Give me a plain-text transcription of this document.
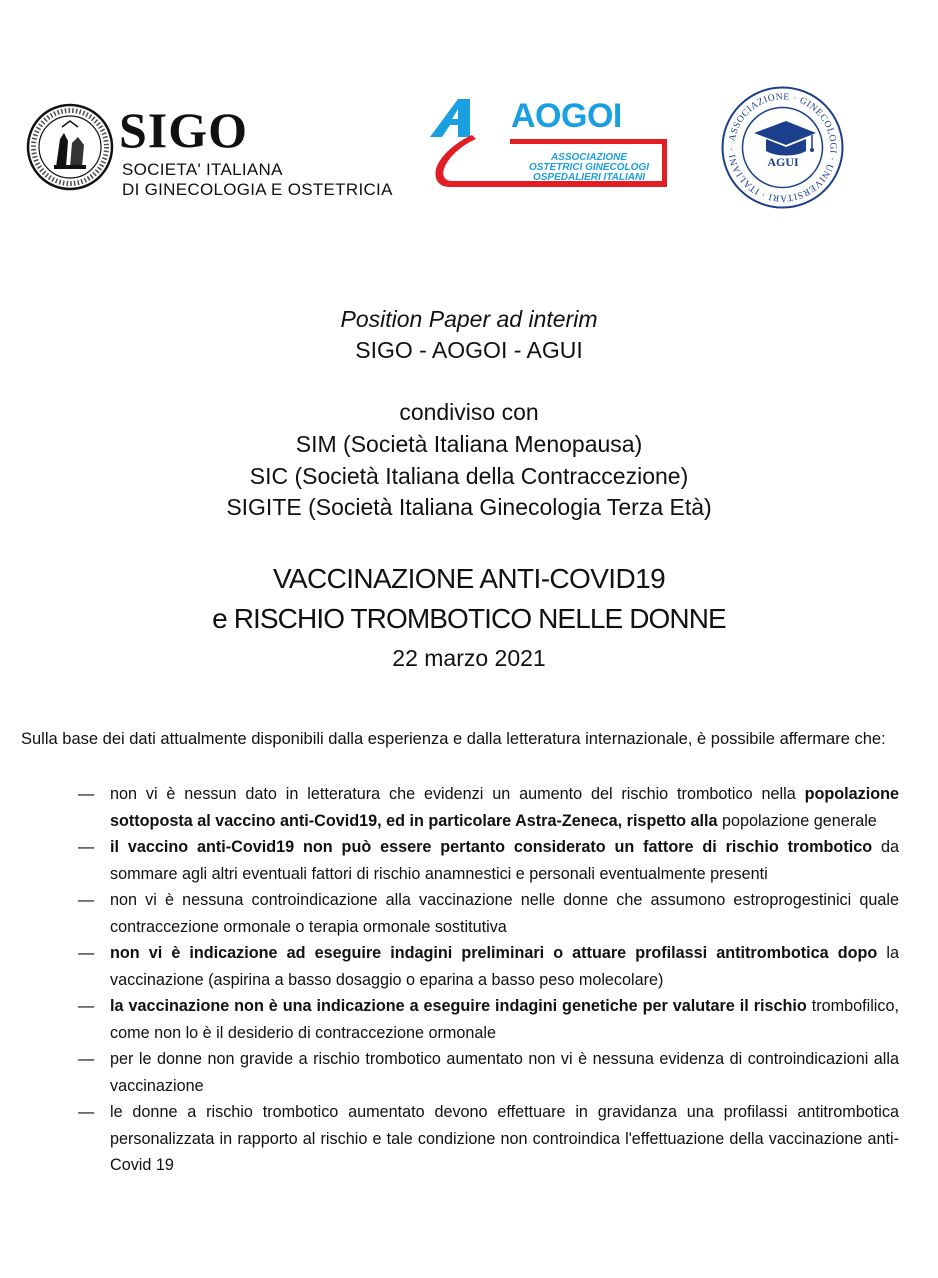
SIGO
SOCIETA' ITALIANA
DI GINECOLOGIA E OSTETRICIA
AOGOI
ASSOCIAZIONE
OSTETRICI GINECOLOGI
OSPEDALIERI ITALIANI
ASSOCIAZIONE · GINECOLOGI · UNIVERSITARI · ITALIANI ·
AGUI
Position Paper ad interim
SIGO - AOGOI - AGUI
condiviso con
SIM (Società Italiana Menopausa)
SIC (Società Italiana della Contraccezione)
SIGITE (Società Italiana Ginecologia Terza Età)
VACCINAZIONE ANTI-COVID19
e RISCHIO TROMBOTICO NELLE DONNE
22 marzo 2021
Sulla base dei dati attualmente disponibili dalla esperienza e dalla letteratura internazionale, è possibile affermare che:
— non vi è nessun dato in letteratura che evidenzi un aumento del rischio trombotico nella popolazione sottoposta al vaccino anti-Covid19, ed in particolare Astra-Zeneca, rispetto alla popolazione generale
— il vaccino anti-Covid19 non può essere pertanto considerato un fattore di rischio trombotico da sommare agli altri eventuali fattori di rischio anamnestici e personali eventualmente presenti
— non vi è nessuna controindicazione alla vaccinazione nelle donne che assumono estroprogestinici quale contraccezione ormonale o terapia ormonale sostitutiva
— non vi è indicazione ad eseguire indagini preliminari o attuare profilassi antitrombotica dopo la vaccinazione (aspirina a basso dosaggio o eparina a basso peso molecolare)
— la vaccinazione non è una indicazione a eseguire indagini genetiche per valutare il rischio trombofilico, come non lo è il desiderio di contraccezione ormonale
— per le donne non gravide a rischio trombotico aumentato non vi è nessuna evidenza di controindicazioni alla vaccinazione
— le donne a rischio trombotico aumentato devono effettuare in gravidanza una profilassi antitrombotica personalizzata in rapporto al rischio e tale condizione non controindica l'effettuazione della vaccinazione anti-Covid 19
